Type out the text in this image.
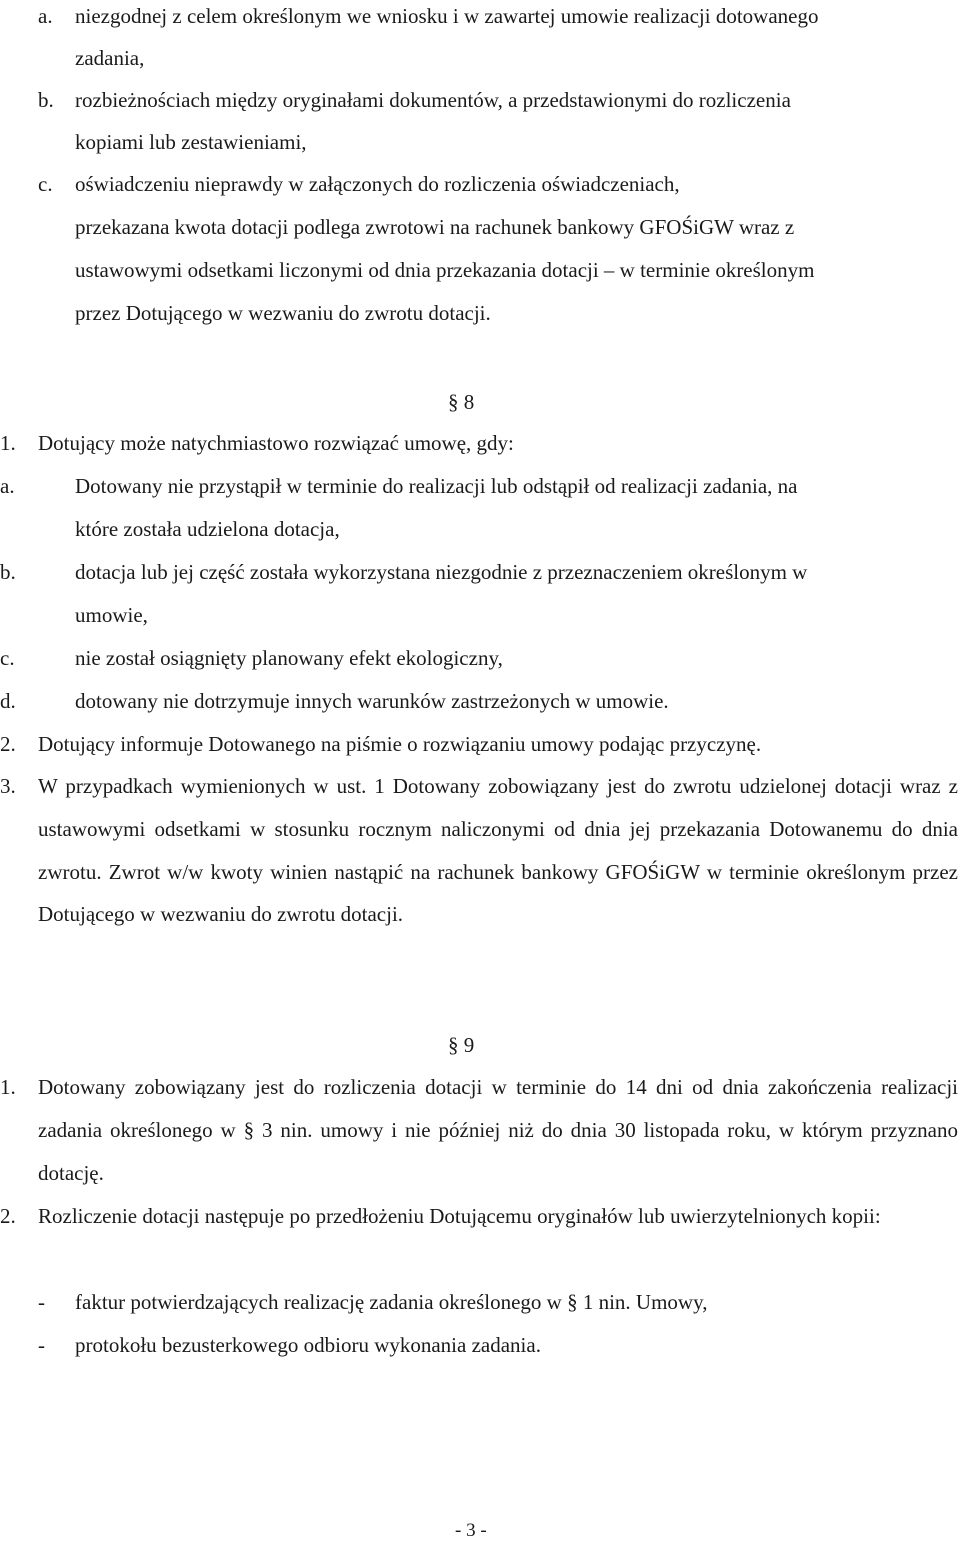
a. niezgodnej z celem określonym we wniosku i w zawartej umowie realizacji dotowanego
zadania,
b. rozbieżnościach między oryginałami dokumentów, a przedstawionymi do rozliczenia
kopiami lub zestawieniami,
c. oświadczeniu nieprawdy w załączonych do rozliczenia oświadczeniach,
przekazana kwota dotacji podlega zwrotowi na rachunek bankowy GFOŚiGW wraz z
ustawowymi odsetkami liczonymi od dnia przekazania dotacji – w terminie określonym
przez Dotującego w wezwaniu do zwrotu dotacji.
§ 8
1. Dotujący może natychmiastowo rozwiązać umowę, gdy:
a.	Dotowany nie przystąpił w terminie do realizacji lub odstąpił od realizacji zadania, na
które została udzielona dotacja,
b.	dotacja lub jej część została wykorzystana niezgodnie z przeznaczeniem określonym w
umowie,
c.	nie został osiągnięty planowany efekt ekologiczny,
d.	dotowany nie dotrzymuje innych warunków zastrzeżonych w umowie.
2. Dotujący informuje Dotowanego na piśmie o rozwiązaniu umowy podając przyczynę.
3. W przypadkach wymienionych w ust. 1 Dotowany zobowiązany jest do zwrotu udzielonej dotacji wraz z ustawowymi odsetkami w stosunku rocznym naliczonymi od dnia jej przekazania Dotowanemu do dnia zwrotu. Zwrot w/w kwoty winien nastąpić na rachunek bankowy GFOŚiGW w terminie określonym przez Dotującego w wezwaniu do zwrotu dotacji.
§ 9
1. Dotowany zobowiązany jest do rozliczenia dotacji w terminie do 14 dni od dnia zakończenia realizacji zadania określonego w § 3 nin. umowy i nie później niż do dnia 30 listopada roku, w którym przyznano dotację.
2. Rozliczenie dotacji następuje po przedłożeniu Dotującemu oryginałów lub uwierzytelnionych kopii:
- faktur potwierdzających realizację zadania określonego w § 1 nin. Umowy,
- protokołu bezusterkowego odbioru wykonania zadania.
- 3 -
